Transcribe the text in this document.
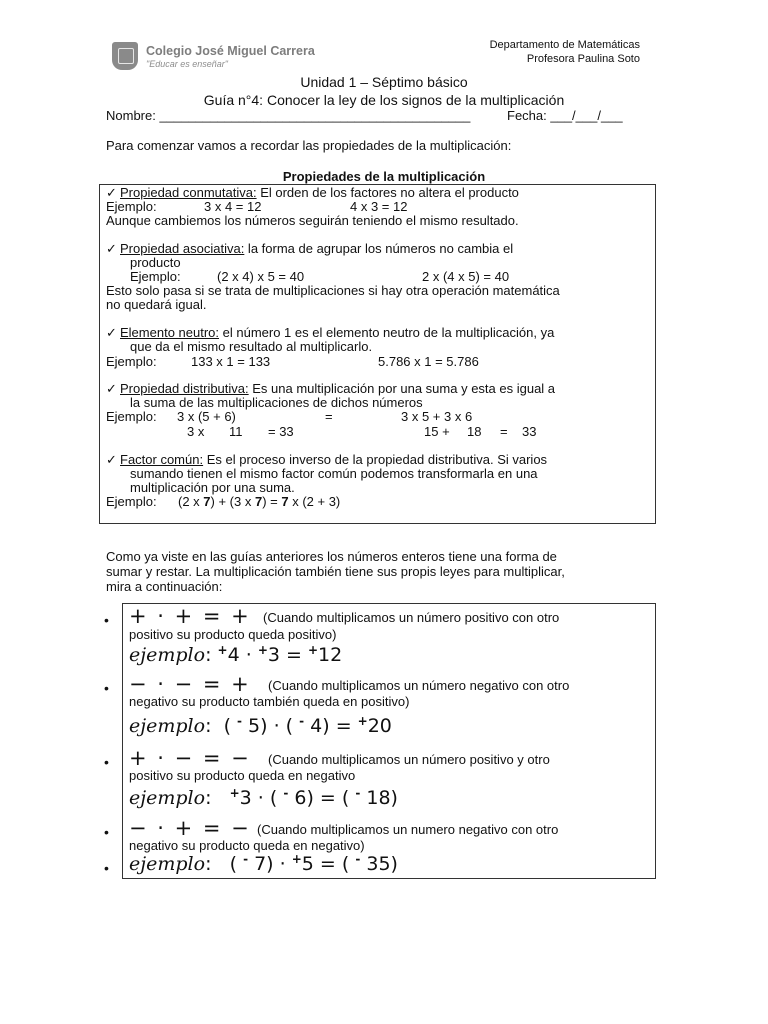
Colegio José Miguel Carrera
"Educar es enseñar"
Departamento de Matemáticas
Profesora Paulina Soto
Unidad 1 – Séptimo básico
Guía n°4: Conocer la ley de los signos de la multiplicación
Nombre: ___________________________________________	Fecha: ___/___/___
Para comenzar vamos a recordar las propiedades de la multiplicación:
Propiedades de la multiplicación
✓ Propiedad conmutativa: El orden de los factores no altera el producto
Ejemplo:	3 x 4 = 12	4 x 3 = 12
Aunque cambiemos los números seguirán teniendo el mismo resultado.
✓ Propiedad asociativa: la forma de agrupar los números no cambia el
producto
Ejemplo:	(2 x 4) x 5 = 40	2 x (4 x 5) = 40
Esto solo pasa si se trata de multiplicaciones si hay otra operación matemática
no quedará igual.
✓ Elemento neutro: el número 1 es el elemento neutro de la multiplicación, ya
que da el mismo resultado al multiplicarlo.
Ejemplo:	133 x 1 = 133	5.786 x 1 = 5.786
✓ Propiedad distributiva: Es una multiplicación por una suma y esta es igual a
la suma de las multiplicaciones de dichos números
Ejemplo: 3 x (5 + 6)	=	3 x 5 + 3 x 6
3 x 11 = 33	15 + 18 = 33
✓ Factor común: Es el proceso inverso de la propiedad distributiva. Si varios
sumando tienen el mismo factor común podemos transformarla en una
multiplicación por una suma.
Ejemplo: (2 x 7) + (3 x 7) = 7 x (2 + 3)
Como ya viste en las guías anteriores los números enteros tiene una forma de
sumar y restar. La multiplicación también tiene sus propis leyes para multiplicar,
mira a continuación:
• + · + = + (Cuando multiplicamos un número positivo con otro
positivo su producto queda positivo)
ejemplo: +4 · +3 = +12
• − · − = + (Cuando multiplicamos un número negativo con otro
negativo su producto también queda en positivo)
ejemplo:  ( - 5) · ( - 4) = +20
• + · − = − (Cuando multiplicamos un número positivo y otro
positivo su producto queda en negativo
ejemplo:   +3 · ( - 6) = ( - 18)
• − · + = − (Cuando multiplicamos un numero negativo con otro
negativo su producto queda en negativo)
• ejemplo:   ( - 7) · +5 = ( - 35)
